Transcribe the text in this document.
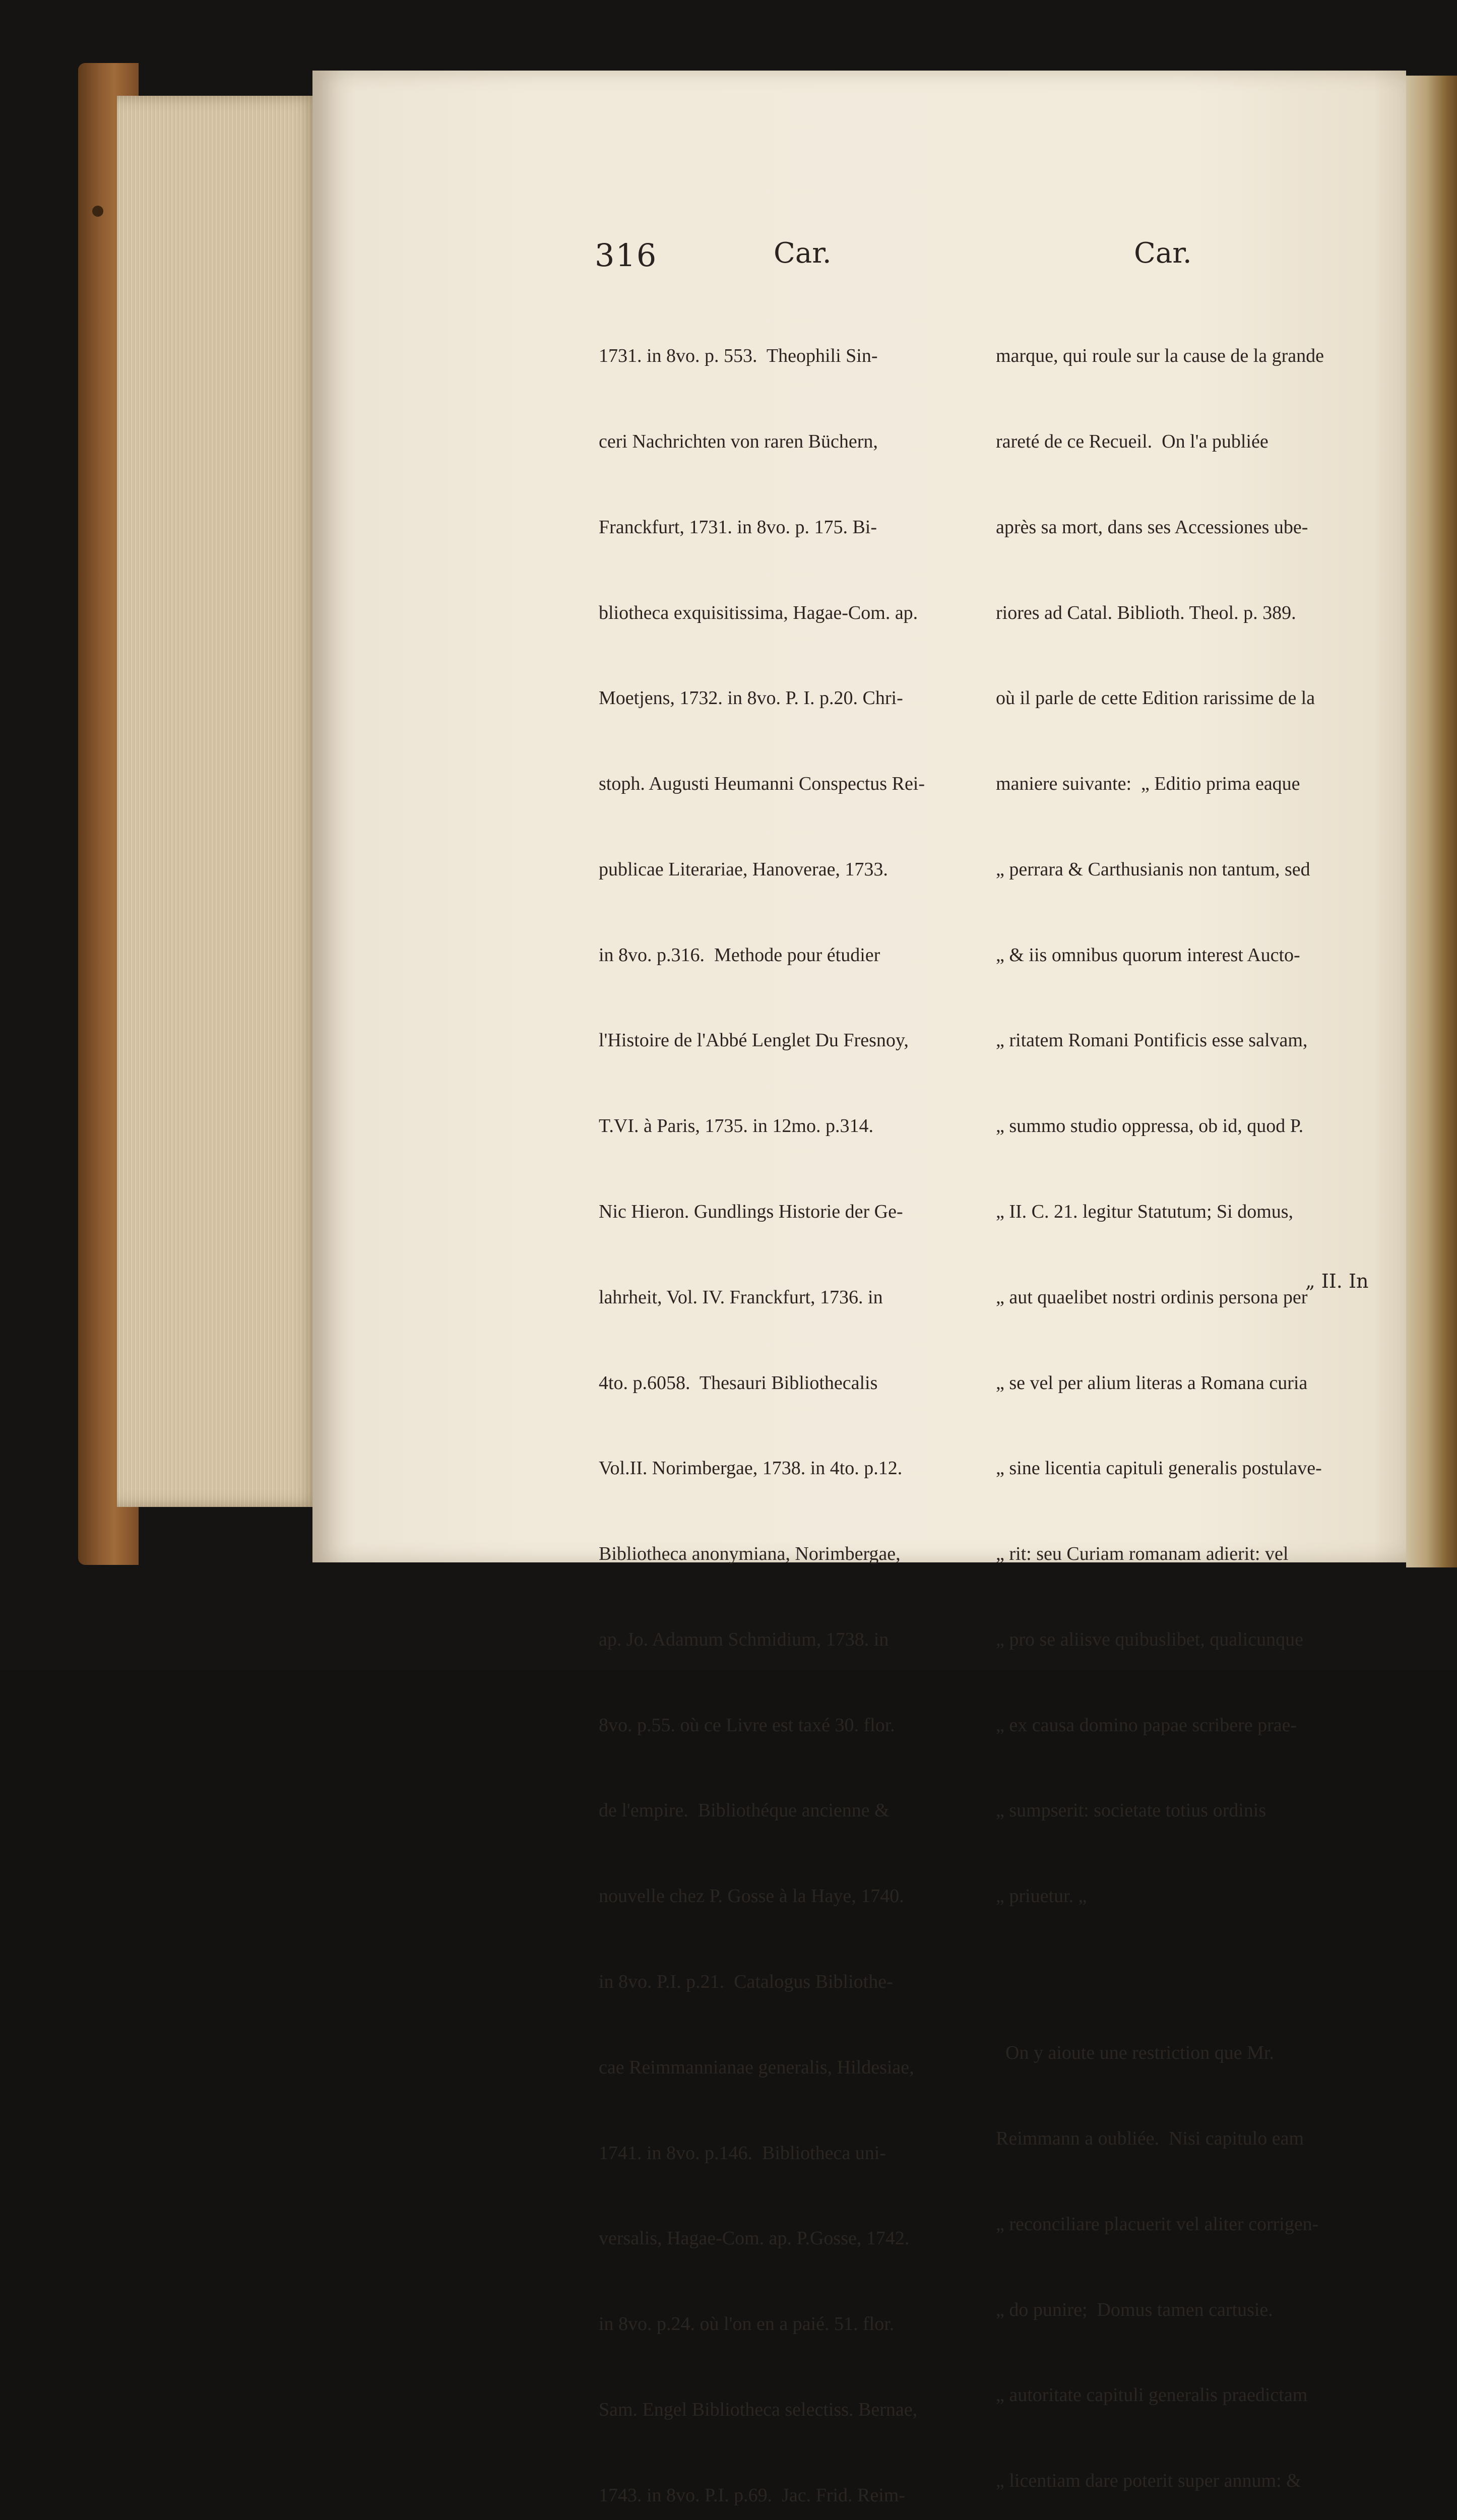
316	Car.	Car.

1731. in 8vo. p. 553.  Theophili Sin-

ceri Nachrichten von raren Büchern,

Franckfurt, 1731. in 8vo. p. 175. Bi-

bliotheca exquisitissima, Hagae-Com. ap.

Moetjens, 1732. in 8vo. P. I. p.20. Chri-

stoph. Augusti Heumanni Conspectus Rei-

publicae Literariae, Hanoverae, 1733.

in 8vo. p.316.  Methode pour étudier

l'Histoire de l'Abbé Lenglet Du Fresnoy,

T.VI. à Paris, 1735. in 12mo. p.314.

Nic Hieron. Gundlings Historie der Ge-

lahrheit, Vol. IV. Franckfurt, 1736. in

4to. p.6058.  Thesauri Bibliothecalis

Vol.II. Norimbergae, 1738. in 4to. p.12.

Bibliotheca anonymiana, Norimbergae,

ap. Jo. Adamum Schmidium, 1738. in

8vo. p.55. où ce Livre est taxé 30. flor.

de l'empire.  Bibliothéque ancienne &

nouvelle chez P. Gosse à la Haye, 1740.

in 8vo. P.I. p.21.  Catalogus Bibliothe-

cae Reimmannianae generalis, Hildesiae,

1741. in 8vo. p.146.  Bibliotheca uni-

versalis, Hagae-Com. ap. P.Gosse, 1742.

in 8vo. p.24. où l'on en a paié. 51. flor.

Sam. Engel Bibliotheca selectiss. Bernae,

1743. in 8vo. P.I. p.69.  Jac. Frid. Reim-

marque, qui roule sur la cause de la grande

rareté de ce Recueil.  On l'a publiée

après sa mort, dans ses Accessiones ube-

riores ad Catal. Biblioth. Theol. p. 389.

où il parle de cette Edition rarissime de la

maniere suivante:  „ Editio prima eaque

„ perrara & Carthusianis non tantum, sed

„ & iis omnibus quorum interest Aucto-

„ ritatem Romani Pontificis esse salvam,

„ summo studio oppressa, ob id, quod P.

„ II. C. 21. legitur Statutum; Si domus,

„ aut quaelibet nostri ordinis persona per

„ se vel per alium literas a Romana curia

„ sine licentia capituli generalis postulave-

„ rit: seu Curiam romanam adierit: vel

„ pro se aliisve quibuslibet, qualicunque

„ ex causa domino papae scribere prae-

„ sumpserit: societate totius ordinis

„ priuetur. „

On y aioute une restriction que Mr.

Reimmann a oubliée.  Nisi capitulo eam

„ reconciliare placuerit vel aliter corrigen-

„ do punire;  Domus tamen cartusie.

„ autoritate capituli generalis praedictam

„ licentiam dare poterit super annum: &

„ II. In
